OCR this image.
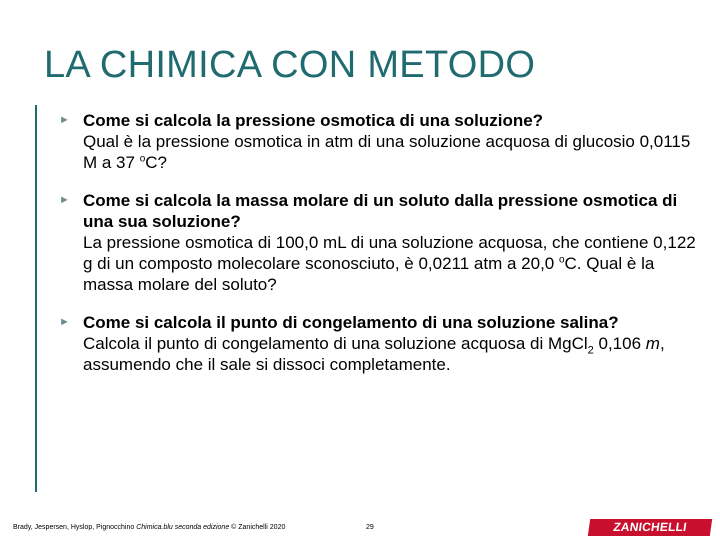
LA CHIMICA CON METODO
► Come si calcola la pressione osmotica di una soluzione?
Qual è la pressione osmotica in atm di una soluzione acquosa di glucosio 0,0115 M a 37 $^o$C?
► Come si calcola la massa molare di un soluto dalla pressione osmotica di una sua soluzione?
La pressione osmotica di 100,0 mL di una soluzione acquosa, che contiene 0,122 g di un composto molecolare sconosciuto, è 0,0211 atm a 20,0 $^o$C. Qual è la massa molare del soluto?
► Come si calcola il punto di congelamento di una soluzione salina?
Calcola il punto di congelamento di una soluzione acquosa di MgCl$_2$ 0,106 m, assumendo che il sale si dissoci completamente.
Brady, Jespersen, Hyslop, Pignocchino Chimica.blu seconda edizione © Zanichelli 2020	29	ZANICHELLI
